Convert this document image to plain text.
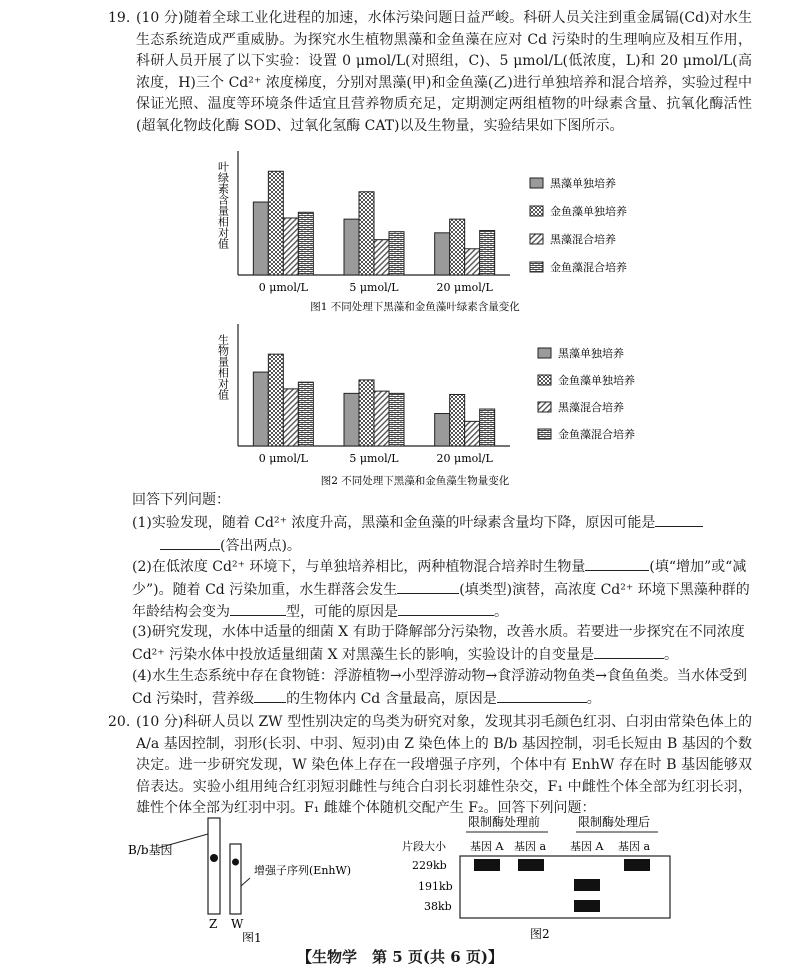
19. (10 分)随着全球工业化进程的加速，水体污染问题日益严峻。科研人员关注到重金属镉(Cd)对水生生态系统造成严重威胁。为探究水生植物黑藻和金鱼藻在应对 Cd 污染时的生理响应及相互作用，科研人员开展了以下实验：设置 0 μmol/L(对照组，C)、5 μmol/L(低浓度，L)和 20 μmol/L(高浓度，H)三个 Cd²⁺ 浓度梯度，分别对黑藻(甲)和金鱼藻(乙)进行单独培养和混合培养，实验过程中保证光照、温度等环境条件适宜且营养物质充足，定期测定两组植物的叶绿素含量、抗氧化酶活性(超氧化物歧化酶 SOD、过氧化氢酶 CAT)以及生物量，实验结果如下图所示。
叶绿素含量相对值
0 μmol/L	5 μmol/L	20 μmol/L
黑藻单独培养
金鱼藻单独培养
黑藻混合培养
金鱼藻混合培养
图1 不同处理下黑藻和金鱼藻叶绿素含量变化
生物量相对值
0 μmol/L	5 μmol/L	20 μmol/L
黑藻单独培养
金鱼藻单独培养
黑藻混合培养
金鱼藻混合培养
图2 不同处理下黑藻和金鱼藻生物量变化
回答下列问题：
(1)实验发现，随着 Cd²⁺ 浓度升高，黑藻和金鱼藻的叶绿素含量均下降，原因可能是
(答出两点)。
(2)在低浓度 Cd²⁺ 环境下，与单独培养相比，两种植物混合培养时生物量	(填“增加”或“减少”)。随着 Cd 污染加重，水生群落会发生	(填类型)演替，高浓度 Cd²⁺ 环境下黑藻种群的年龄结构会变为	型，可能的原因是	。
(3)研究发现，水体中适量的细菌 X 有助于降解部分污染物，改善水质。若要进一步探究在不同浓度 Cd²⁺ 污染水体中投放适量细菌 X 对黑藻生长的影响，实验设计的自变量是	。
(4)水生生态系统中存在食物链：浮游植物→小型浮游动物→食浮游动物鱼类→食鱼鱼类。当水体受到 Cd 污染时，营养级 的生物体内 Cd 含量最高，原因是	。
20. (10 分)科研人员以 ZW 型性别决定的鸟类为研究对象，发现其羽毛颜色红羽、白羽由常染色体上的 A/a 基因控制，羽形(长羽、中羽、短羽)由 Z 染色体上的 B/b 基因控制，羽毛长短由 B 基因的个数决定。进一步研究发现，W 染色体上存在一段增强子序列，个体中有 EnhW 存在时 B 基因能够双倍表达。实验小组用纯合红羽短羽雌性与纯合白羽长羽雄性杂交，F₁ 中雌性个体全部为红羽长羽，雄性个体全部为红羽中羽。F₁ 雌雄个体随机交配产生 F₂。回答下列问题：
B/b基因
增强子序列(EnhW)
Z W
图1
限制酶处理前	限制酶处理后
片段大小 基因 A 基因 a 基因 A 基因 a
229kb
191kb
38kb
图2
【生物学　第 5 页(共 6 页)】
